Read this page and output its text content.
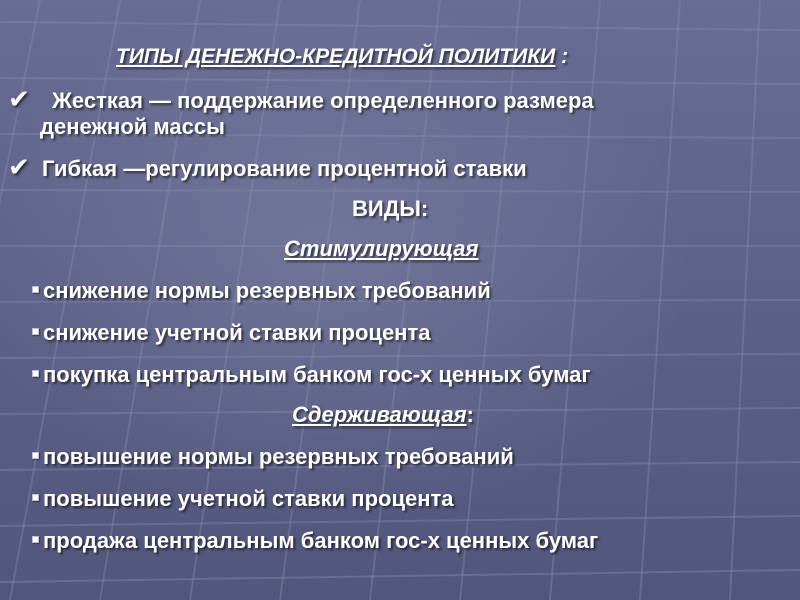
ТИПЫ ДЕНЕЖНО-КРЕДИТНОЙ ПОЛИТИКИ :

✔ Жесткая — поддержание определенного размера

денежной массы

✔ Гибкая —регулирование процентной ставки

ВИДЫ:

Стимулирующая

снижение нормы резервных требований

снижение учетной ставки процента

покупка центральным банком гос-х ценных бумаг

Сдерживающая:

повышение нормы резервных требований

повышение учетной ставки процента

продажа центральным банком гос-х ценных бумаг
